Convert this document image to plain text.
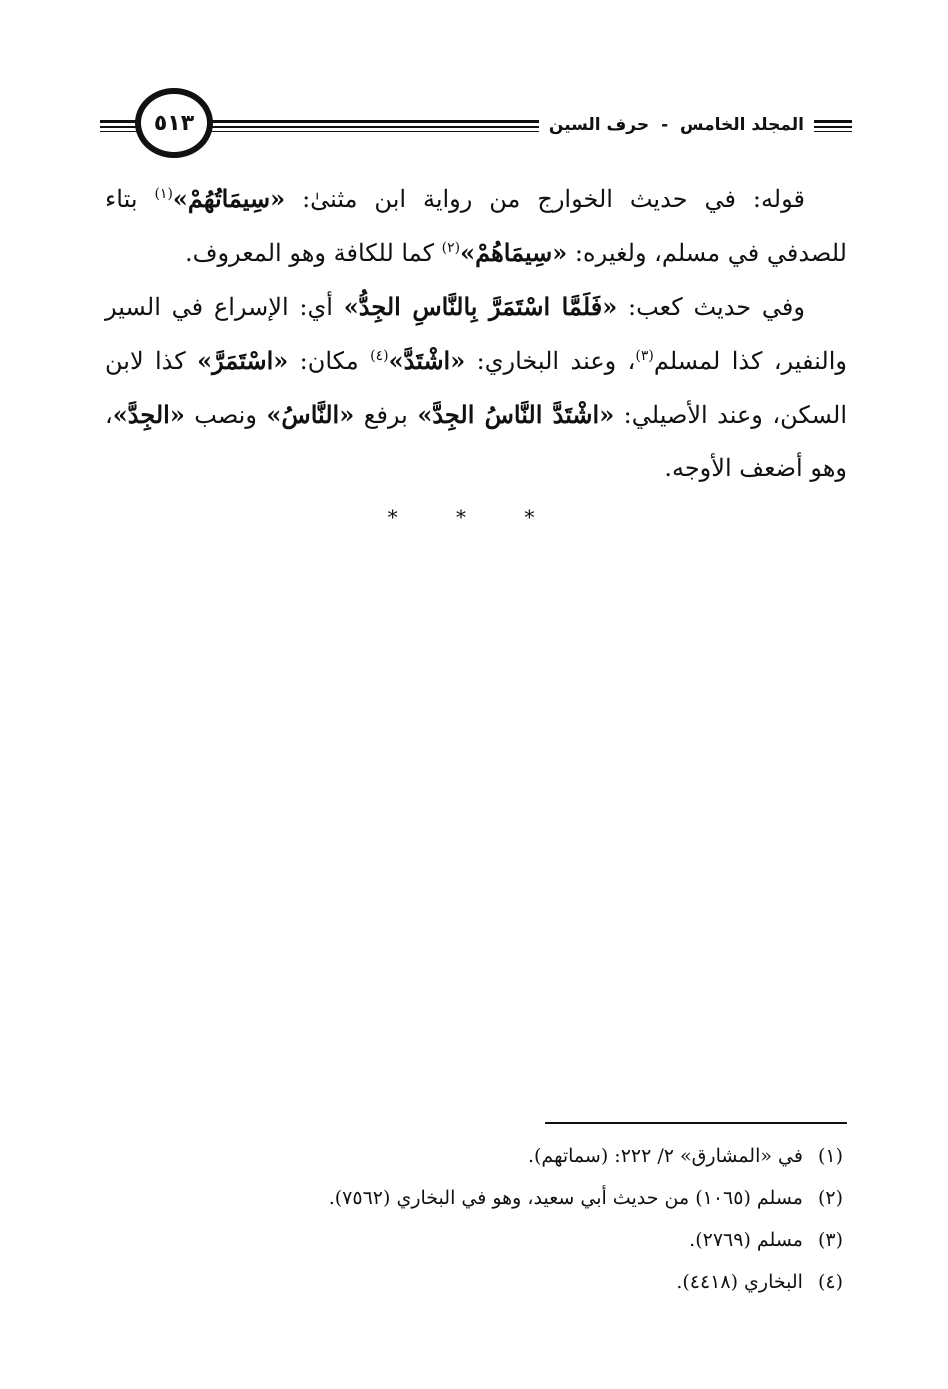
المجلد الخامس - حرف السين
٥١٣

قوله: في حديث الخوارج من رواية ابن مثنىٰ: «سِيمَاتُهُمْ»$^{(١)}$ بتاء للصدفي في مسلم، ولغيره: «سِيمَاهُمْ»$^{(٢)}$ كما للكافة وهو المعروف.

وفي حديث كعب: «فَلَمَّا اسْتَمَرَّ بِالنَّاسِ الجِدُّ» أي: الإسراع في السير والنفير، كذا لمسلم$^{(٣)}$، وعند البخاري: «اشْتَدَّ»$^{(٤)}$ مكان: «اسْتَمَرَّ» كذا لابن السكن، وعند الأصيلي: «اشْتَدَّ النَّاسُ الجِدَّ» برفع «النَّاسُ» ونصب «الجِدَّ»، وهو أضعف الأوجه.

* * *

(١) في «المشارق» ٢/ ٢٢٢: (سماتهم).

(٢) مسلم (١٠٦٥) من حديث أبي سعيد، وهو في البخاري (٧٥٦٢).

(٣) مسلم (٢٧٦٩).

(٤) البخاري (٤٤١٨).
